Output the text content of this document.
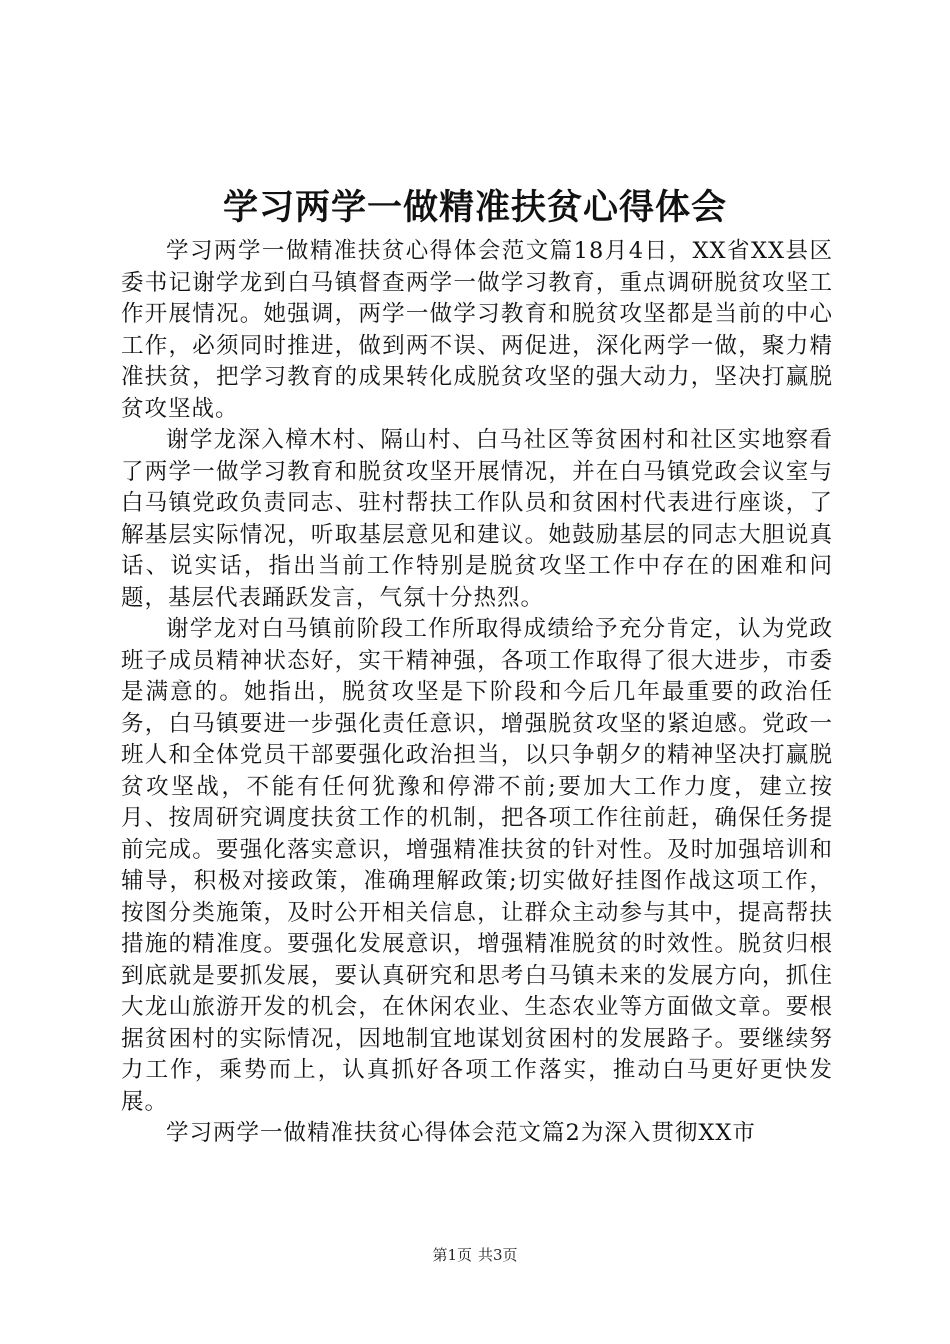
学习两学一做精准扶贫心得体会

学习两学一做精准扶贫心得体会范文篇18月4日，XX省XX县区委书记谢学龙到白马镇督查两学一做学习教育，重点调研脱贫攻坚工作开展情况。她强调，两学一做学习教育和脱贫攻坚都是当前的中心工作，必须同时推进，做到两不误、两促进，深化两学一做，聚力精准扶贫，把学习教育的成果转化成脱贫攻坚的强大动力，坚决打赢脱贫攻坚战。

谢学龙深入樟木村、隔山村、白马社区等贫困村和社区实地察看了两学一做学习教育和脱贫攻坚开展情况，并在白马镇党政会议室与白马镇党政负责同志、驻村帮扶工作队员和贫困村代表进行座谈，了解基层实际情况，听取基层意见和建议。她鼓励基层的同志大胆说真话、说实话，指出当前工作特别是脱贫攻坚工作中存在的困难和问题，基层代表踊跃发言，气氛十分热烈。

谢学龙对白马镇前阶段工作所取得成绩给予充分肯定，认为党政班子成员精神状态好，实干精神强，各项工作取得了很大进步，市委是满意的。她指出，脱贫攻坚是下阶段和今后几年最重要的政治任务，白马镇要进一步强化责任意识，增强脱贫攻坚的紧迫感。党政一班人和全体党员干部要强化政治担当，以只争朝夕的精神坚决打赢脱贫攻坚战，不能有任何犹豫和停滞不前;要加大工作力度，建立按月、按周研究调度扶贫工作的机制，把各项工作往前赶，确保任务提前完成。要强化落实意识，增强精准扶贫的针对性。及时加强培训和辅导，积极对接政策，准确理解政策;切实做好挂图作战这项工作，按图分类施策，及时公开相关信息，让群众主动参与其中，提高帮扶措施的精准度。要强化发展意识，增强精准脱贫的时效性。脱贫归根到底就是要抓发展，要认真研究和思考白马镇未来的发展方向，抓住大龙山旅游开发的机会，在休闲农业、生态农业等方面做文章。要根据贫困村的实际情况，因地制宜地谋划贫困村的发展路子。要继续努力工作，乘势而上，认真抓好各项工作落实，推动白马更好更快发展。

学习两学一做精准扶贫心得体会范文篇2为深入贯彻XX市

第1页 共3页
